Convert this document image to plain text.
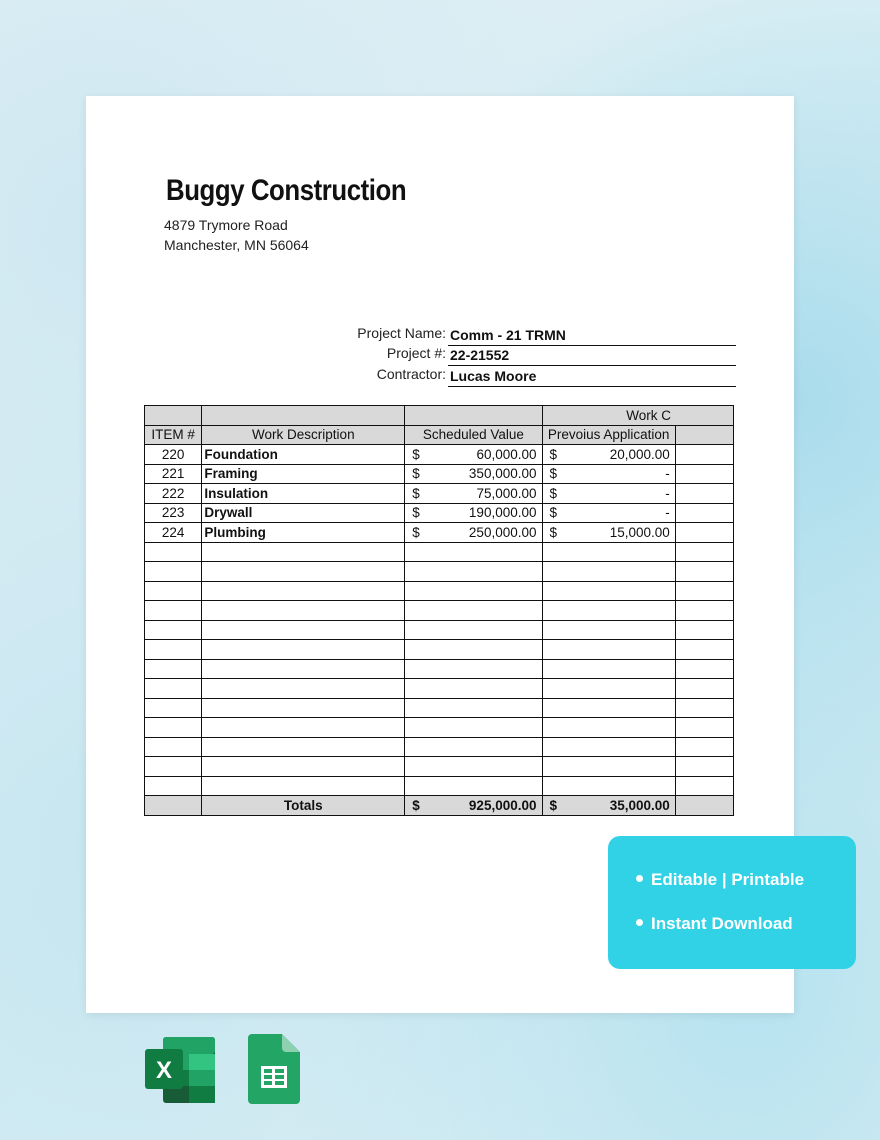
Buggy Construction
4879 Trymore Road
Manchester, MN 56064
Project Name: Comm - 21 TRMN
Project #: 22-21552
Contractor: Lucas Moore
			Work C	
ITEM #	Work Description	Scheduled Value	Prevoius Application	
220	Foundation	$ 60,000.00	$ 20,000.00	

221	Framing	$ 350,000.00	$ -	

222	Insulation	$ 75,000.00	$ -	

223	Drywall	$ 190,000.00	$ -	

224	Plumbing	$ 250,000.00	$ 15,000.00	

	Totals	$ 925,000.00	$ 35,000.00	

Editable | Printable
Instant Download
X
